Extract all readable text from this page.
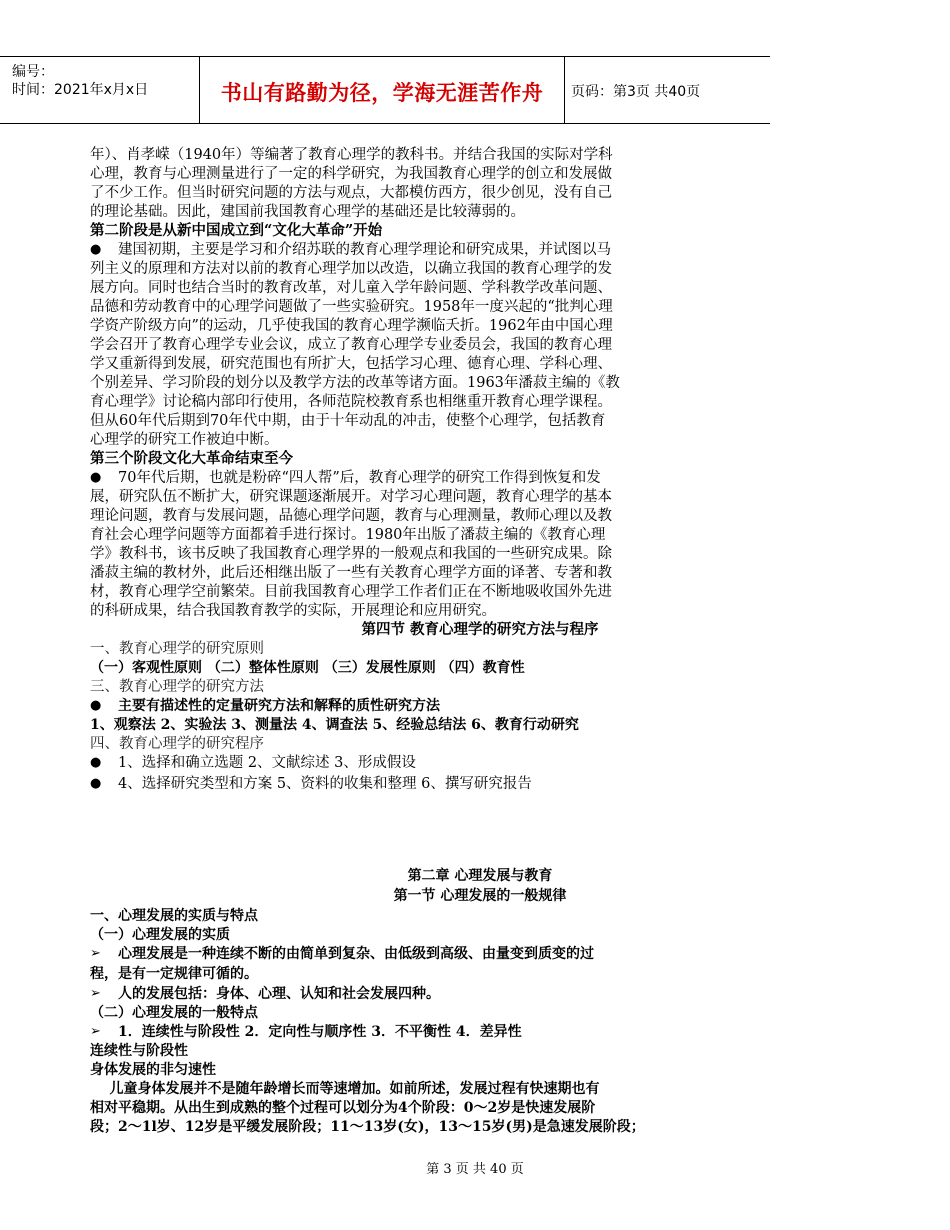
编号：
时间：2021年x月x日	书山有路勤为径，学海无涯苦作舟	页码：第3页 共40页
年）、肖孝嵘（1940年）等编著了教育心理学的教科书。并结合我国的实际对学科
心理，教育与心理测量进行了一定的科学研究，为我国教育心理学的创立和发展做
了不少工作。但当时研究问题的方法与观点，大都模仿西方，很少创见，没有自己
的理论基础。因此，建国前我国教育心理学的基础还是比较薄弱的。
第二阶段是从新中国成立到“文化大革命”开始
● 建国初期，主要是学习和介绍苏联的教育心理学理论和研究成果，并试图以马
列主义的原理和方法对以前的教育心理学加以改造，以确立我国的教育心理学的发
展方向。同时也结合当时的教育改革，对儿童入学年龄问题、学科教学改革问题、
品德和劳动教育中的心理学问题做了一些实验研究。1958年一度兴起的“批判心理
学资产阶级方向”的运动，几乎使我国的教育心理学濒临夭折。1962年由中国心理
学会召开了教育心理学专业会议，成立了教育心理学专业委员会，我国的教育心理
学又重新得到发展，研究范围也有所扩大，包括学习心理、德育心理、学科心理、
个别差异、学习阶段的划分以及教学方法的改革等诸方面。1963年潘菽主编的《教
育心理学》讨论稿内部印行使用，各师范院校教育系也相继重开教育心理学课程。
但从60年代后期到70年代中期，由于十年动乱的冲击，使整个心理学，包括教育
心理学的研究工作被迫中断。
第三个阶段文化大革命结束至今
● 70年代后期，也就是粉碎“四人帮”后，教育心理学的研究工作得到恢复和发
展，研究队伍不断扩大，研究课题逐渐展开。对学习心理问题，教育心理学的基本
理论问题，教育与发展问题，品德心理学问题，教育与心理测量，教师心理以及教
育社会心理学问题等方面都着手进行探讨。1980年出版了潘菽主编的《教育心理
学》教科书，该书反映了我国教育心理学界的一般观点和我国的一些研究成果。除
潘菽主编的教材外，此后还相继出版了一些有关教育心理学方面的译著、专著和教
材，教育心理学空前繁荣。目前我国教育心理学工作者们正在不断地吸收国外先进
的科研成果，结合我国教育教学的实际，开展理论和应用研究。
第四节 教育心理学的研究方法与程序
一、教育心理学的研究原则
（一）客观性原则 （二）整体性原则 （三）发展性原则 （四）教育性
三、教育心理学的研究方法
● 主要有描述性的定量研究方法和解释的质性研究方法
1、观察法 2、实验法 3、测量法 4、调查法 5、经验总结法 6、教育行动研究
四、教育心理学的研究程序
● 1、选择和确立选题 2、文献综述 3、形成假设
● 4、选择研究类型和方案 5、资料的收集和整理 6、撰写研究报告
第二章 心理发展与教育
第一节 心理发展的一般规律
一、心理发展的实质与特点
（一）心理发展的实质
➢ 心理发展是一种连续不断的由简单到复杂、由低级到高级、由量变到质变的过
程，是有一定规律可循的。
➢ 人的发展包括：身体、心理、认知和社会发展四种。
（二）心理发展的一般特点
➢ 1．连续性与阶段性 2．定向性与顺序性 3．不平衡性 4．差异性
连续性与阶段性
身体发展的非匀速性
儿童身体发展并不是随年龄增长而等速增加。如前所述，发展过程有快速期也有
相对平稳期。从出生到成熟的整个过程可以划分为4个阶段：0～2岁是快速发展阶
段；2～1l岁、12岁是平缓发展阶段；11～13岁(女)，13～15岁(男)是急速发展阶段；
第 3 页 共 40 页
